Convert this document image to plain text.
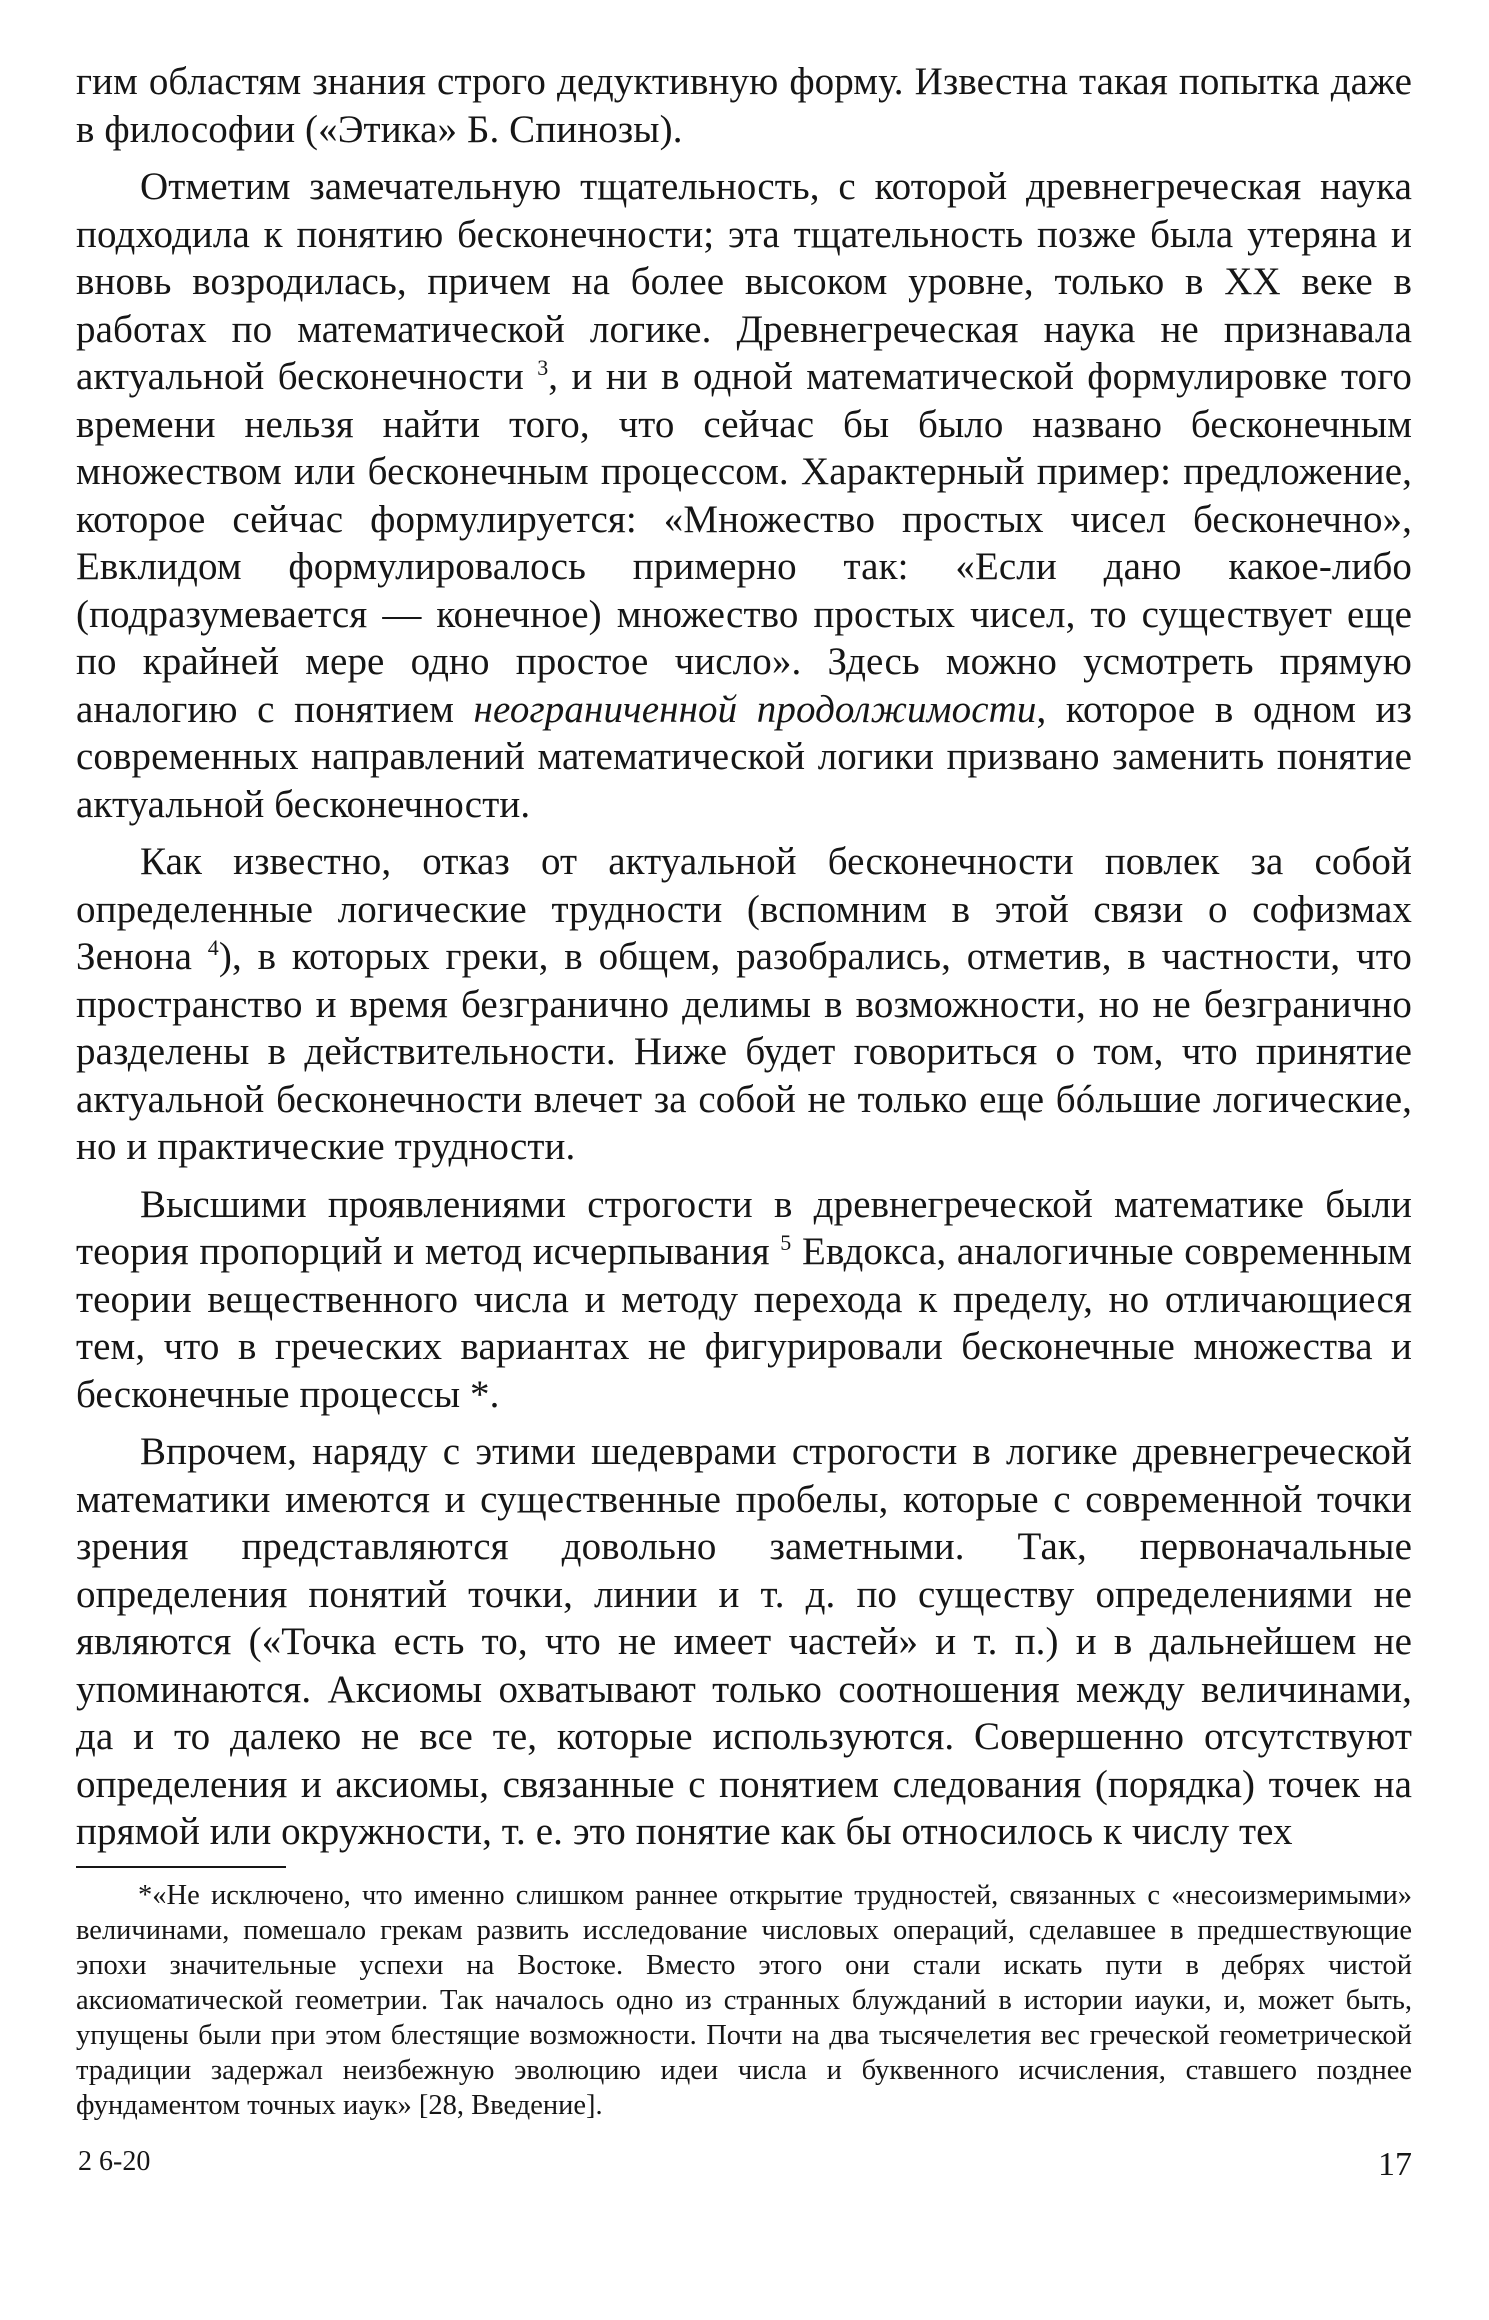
гим областям знания строго дедуктивную форму. Известна такая попытка даже в философии («Этика» Б. Спинозы).

Отметим замечательную тщательность, с которой древнегреческая наука подходила к понятию бесконечности; эта тщательность позже была утеряна и вновь возродилась, причем на более высоком уровне, только в XX веке в работах по математической логике. Древнегреческая наука не признавала актуальной бесконечности $^3$, и ни в одной математической формулировке того времени нельзя найти того, что сейчас бы было названо бесконечным множеством или бесконечным процессом. Характерный пример: предложение, которое сейчас формулируется: «Множество простых чисел бесконечно», Евклидом формулировалось примерно так: «Если дано какое-либо (подразумевается — конечное) множество простых чисел, то существует еще по крайней мере одно простое число». Здесь можно усмотреть прямую аналогию с понятием неограниченной продолжимости, которое в одном из современных направлений математической логики призвано заменить понятие актуальной бесконечности.

Как известно, отказ от актуальной бесконечности повлек за собой определенные логические трудности (вспомним в этой связи о софизмах Зенона $^4$), в которых греки, в общем, разобрались, отметив, в частности, что пространство и время безгранично делимы в возможности, но не безгранично разделены в действительности. Ниже будет говориться о том, что принятие актуальной бесконечности влечет за собой не только еще бóльшие логические, но и практические трудности.

Высшими проявлениями строгости в древнегреческой математике были теория пропорций и метод исчерпывания $^5$ Евдокса, аналогичные современным теории вещественного числа и методу перехода к пределу, но отличающиеся тем, что в греческих вариантах не фигурировали бесконечные множества и бесконечные процессы *.

Впрочем, наряду с этими шедеврами строгости в логике древнегреческой математики имеются и существенные пробелы, которые с современной точки зрения представляются довольно заметными. Так, первоначальные определения понятий точки, линии и т. д. по существу определениями не являются («Точка есть то, что не имеет частей» и т. п.) и в дальнейшем не упоминаются. Аксиомы охватывают только соотношения между величинами, да и то далеко не все те, которые используются. Совершенно отсутствуют определения и аксиомы, связанные с понятием следования (порядка) точек на прямой или окружности, т. е. это понятие как бы относилось к числу тех

*«Не исключено, что именно слишком раннее открытие трудностей, связанных с «несоизмеримыми» величинами, помешало грекам развить исследование числовых операций, сделавшее в предшествующие эпохи значительные успехи на Востоке. Вместо этого они стали искать пути в дебрях чистой аксиоматической геометрии. Так началось одно из странных блужданий в истории иауки, и, может быть, упущены были при этом блестящие возможности. Почти на два тысячелетия вес греческой геометрической традиции задержал неизбежную эволюцию идеи числа и буквенного исчисления, ставшего позднее фундаментом точных иаук» [28, Введение].

2 6-20	17
